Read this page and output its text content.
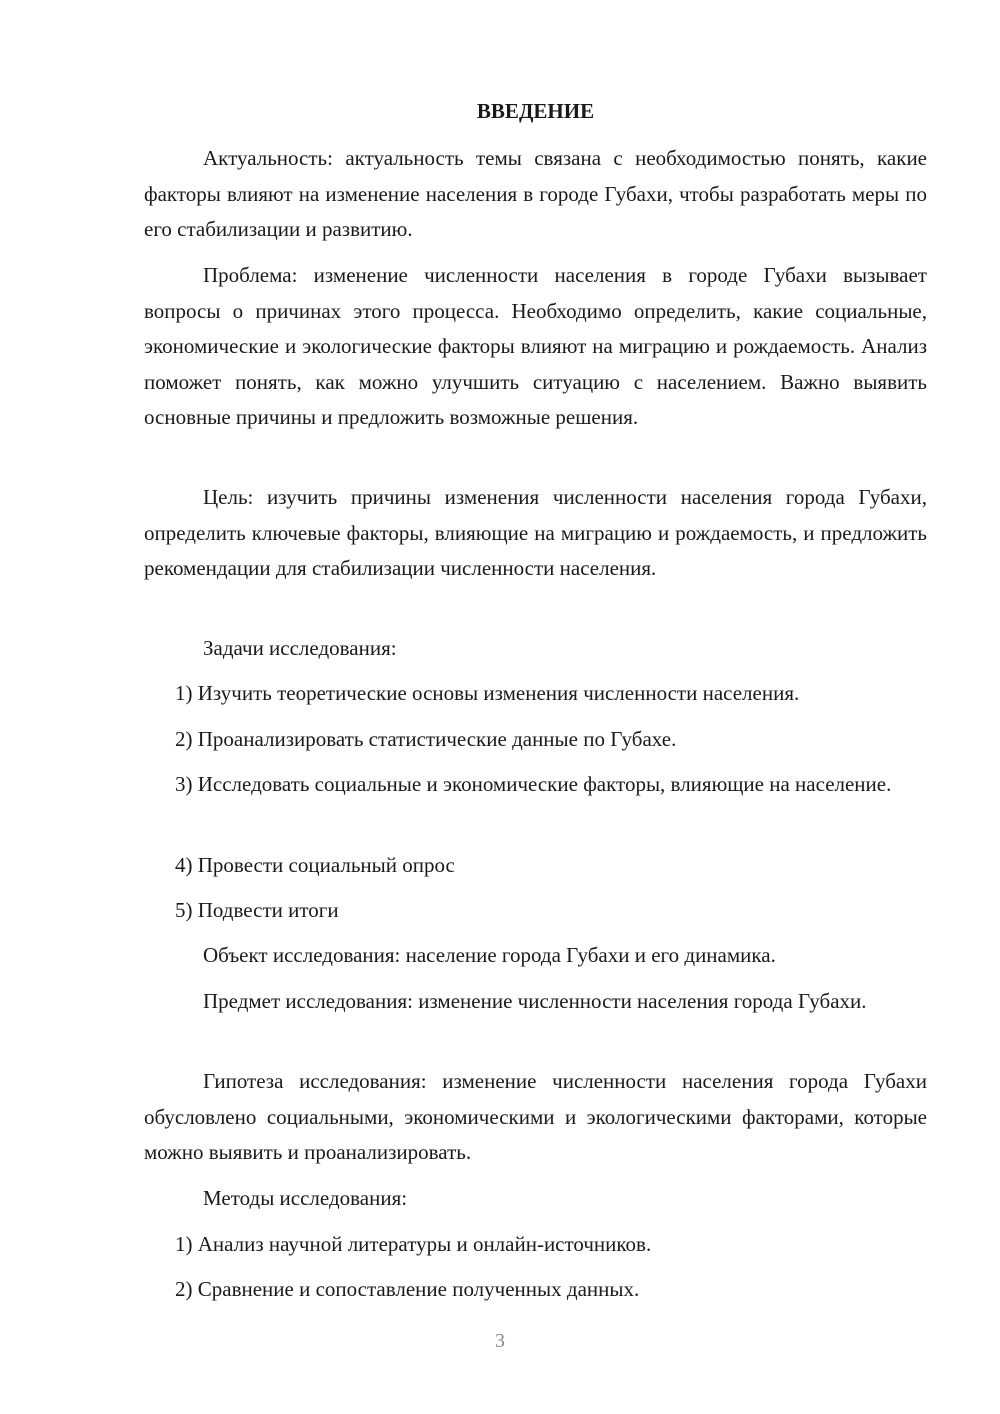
ВВЕДЕНИЕ

Актуальность: актуальность темы связана с необходимостью понять, какие факторы влияют на изменение населения в городе Губахи, чтобы разработать меры по его стабилизации и развитию.

Проблема: изменение численности населения в городе Губахи вызывает вопросы о причинах этого процесса. Необходимо определить, какие социальные, экономические и экологические факторы влияют на миграцию и рождаемость. Анализ поможет понять, как можно улучшить ситуацию с населением. Важно выявить основные причины и предложить возможные решения.

Цель: изучить причины изменения численности населения города Губахи, определить ключевые факторы, влияющие на миграцию и рождаемость, и предложить рекомендации для стабилизации численности населения.

Задачи исследования:

1) Изучить теоретические основы изменения численности населения.

2) Проанализировать статистические данные по Губахе.

3) Исследовать социальные и экономические факторы, влияющие на население.

4) Провести социальный опрос

5) Подвести итоги

Объект исследования: население города Губахи и его динамика.

Предмет исследования: изменение численности населения города Губахи.

Гипотеза исследования: изменение численности населения города Губахи обусловлено социальными, экономическими и экологическими факторами, которые можно выявить и проанализировать.

Методы исследования:

1) Анализ научной литературы и онлайн-источников.

2) Сравнение и сопоставление полученных данных.

3
